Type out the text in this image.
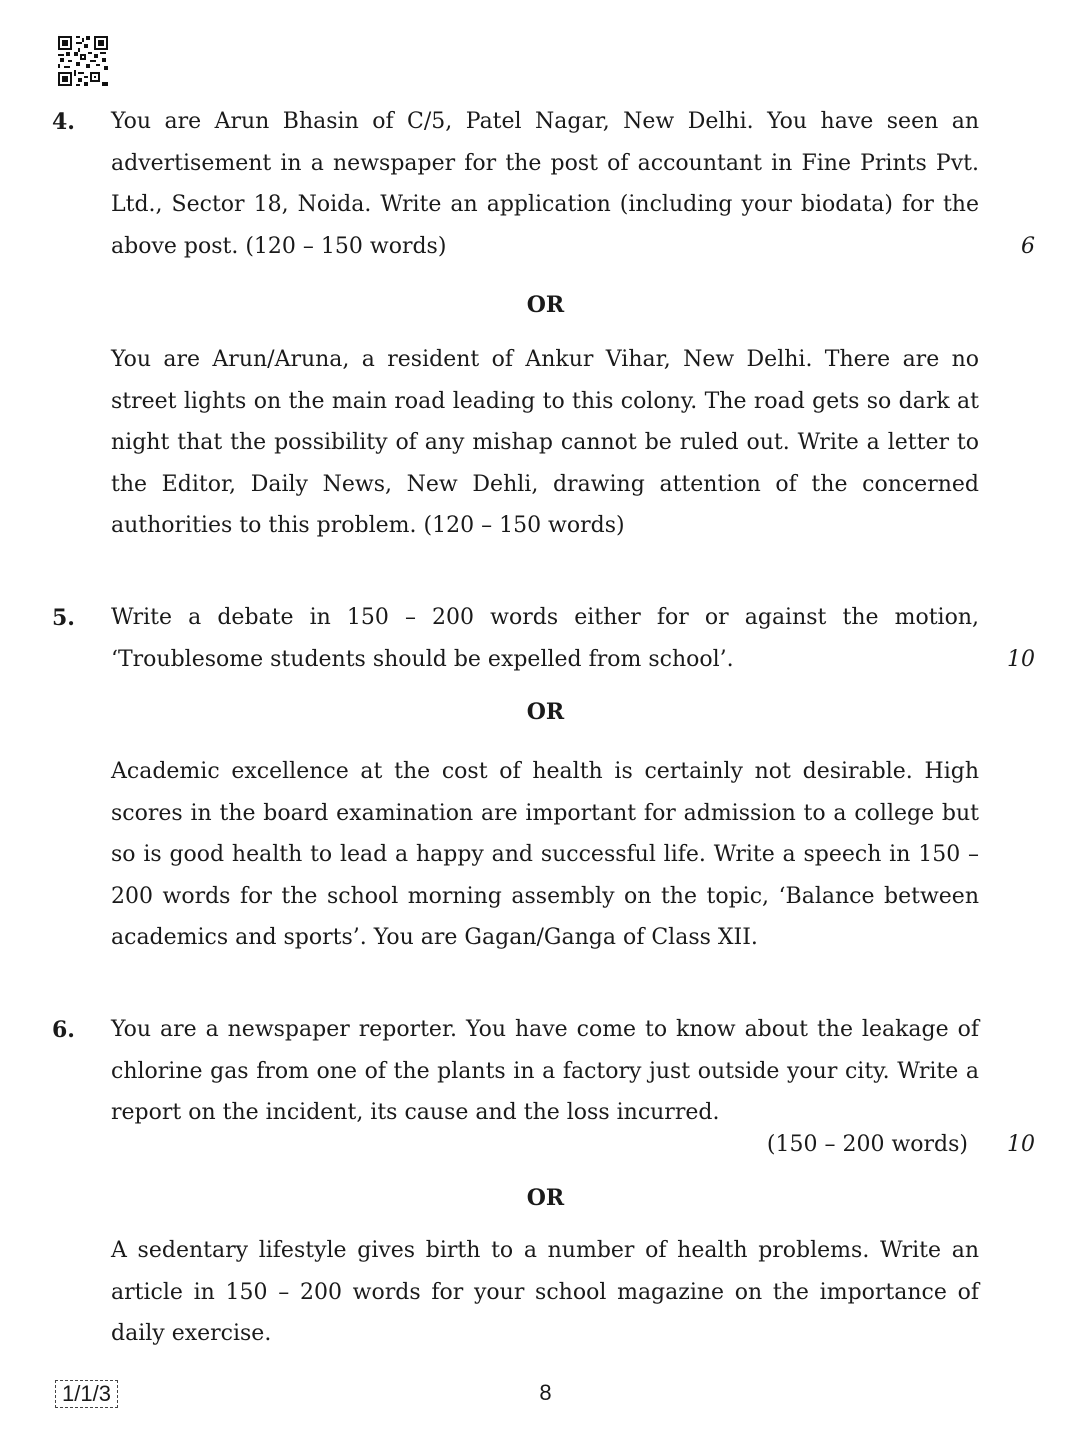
4. You are Arun Bhasin of C/5, Patel Nagar, New Delhi. You have seen an advertisement in a newspaper for the post of accountant in Fine Prints Pvt. Ltd., Sector 18, Noida. Write an application (including your biodata) for the above post. (120 – 150 words)	6
OR

You are Arun/Aruna, a resident of Ankur Vihar, New Delhi. There are no street lights on the main road leading to this colony. The road gets so dark at night that the possibility of any mishap cannot be ruled out. Write a letter to the Editor, Daily News, New Dehli, drawing attention of the concerned authorities to this problem. (120 – 150 words)

5. Write a debate in 150 – 200 words either for or against the motion, ‘Troublesome students should be expelled from school’.	10
OR

Academic excellence at the cost of health is certainly not desirable. High scores in the board examination are important for admission to a college but so is good health to lead a happy and successful life. Write a speech in 150 – 200 words for the school morning assembly on the topic, ‘Balance between academics and sports’. You are Gagan/Ganga of Class XII.

6. You are a newspaper reporter. You have come to know about the leakage of chlorine gas from one of the plants in a factory just outside your city. Write a report on the incident, its cause and the loss incurred.

(150 – 200 words) 10
OR

A sedentary lifestyle gives birth to a number of health problems. Write an article in 150 – 200 words for your school magazine on the importance of daily exercise.

1/1/3	8
